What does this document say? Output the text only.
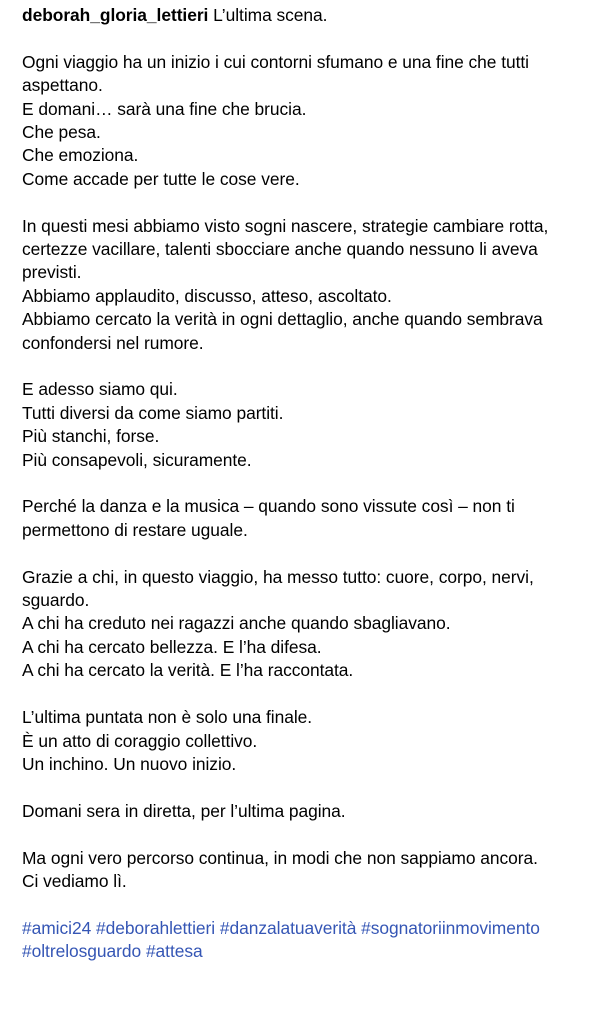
deborah_gloria_lettieri L’ultima scena.

Ogni viaggio ha un inizio i cui contorni sfumano e una fine che tutti aspettano.
E domani… sarà una fine che brucia.
Che pesa.
Che emoziona.
Come accade per tutte le cose vere.

In questi mesi abbiamo visto sogni nascere, strategie cambiare rotta, certezze vacillare, talenti sbocciare anche quando nessuno li aveva previsti.
Abbiamo applaudito, discusso, atteso, ascoltato.
Abbiamo cercato la verità in ogni dettaglio, anche quando sembrava confondersi nel rumore.

E adesso siamo qui.
Tutti diversi da come siamo partiti.
Più stanchi, forse.
Più consapevoli, sicuramente.

Perché la danza e la musica – quando sono vissute così – non ti permettono di restare uguale.

Grazie a chi, in questo viaggio, ha messo tutto: cuore, corpo, nervi, sguardo.
A chi ha creduto nei ragazzi anche quando sbagliavano.
A chi ha cercato bellezza. E l’ha difesa.
A chi ha cercato la verità. E l’ha raccontata.

L’ultima puntata non è solo una finale.
È un atto di coraggio collettivo.
Un inchino. Un nuovo inizio.

Domani sera in diretta, per l’ultima pagina.

Ma ogni vero percorso continua, in modi che non sappiamo ancora.
Ci vediamo lì.

#amici24 #deborahlettieri #danzalatuaverità #sognatoriinmovimento #oltrelosguardo #attesa
